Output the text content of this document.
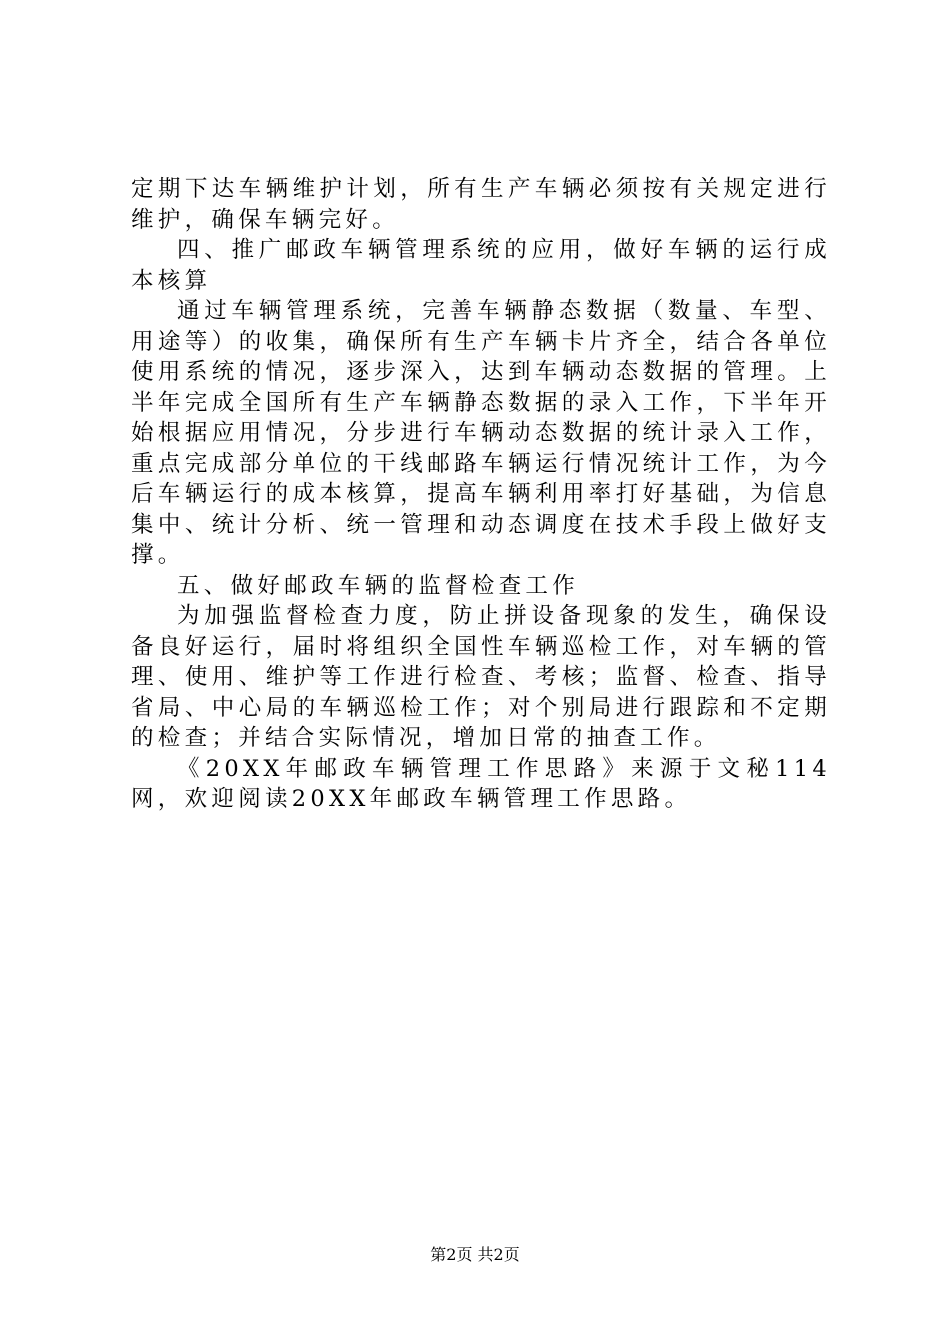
定期下达车辆维护计划，所有生产车辆必须按有关规定进行维护，确保车辆完好。

四、推广邮政车辆管理系统的应用，做好车辆的运行成本核算

通过车辆管理系统，完善车辆静态数据（数量、车型、用途等）的收集，确保所有生产车辆卡片齐全，结合各单位使用系统的情况，逐步深入，达到车辆动态数据的管理。上半年完成全国所有生产车辆静态数据的录入工作，下半年开始根据应用情况，分步进行车辆动态数据的统计录入工作，重点完成部分单位的干线邮路车辆运行情况统计工作，为今后车辆运行的成本核算，提高车辆利用率打好基础，为信息集中、统计分析、统一管理和动态调度在技术手段上做好支撑。

五、做好邮政车辆的监督检查工作

为加强监督检查力度，防止拼设备现象的发生，确保设备良好运行，届时将组织全国性车辆巡检工作，对车辆的管理、使用、维护等工作进行检查、考核；监督、检查、指导省局、中心局的车辆巡检工作；对个别局进行跟踪和不定期的检查；并结合实际情况，增加日常的抽查工作。

《20XX年邮政车辆管理工作思路》来源于文秘114网，欢迎阅读20XX年邮政车辆管理工作思路。

第2页 共2页
